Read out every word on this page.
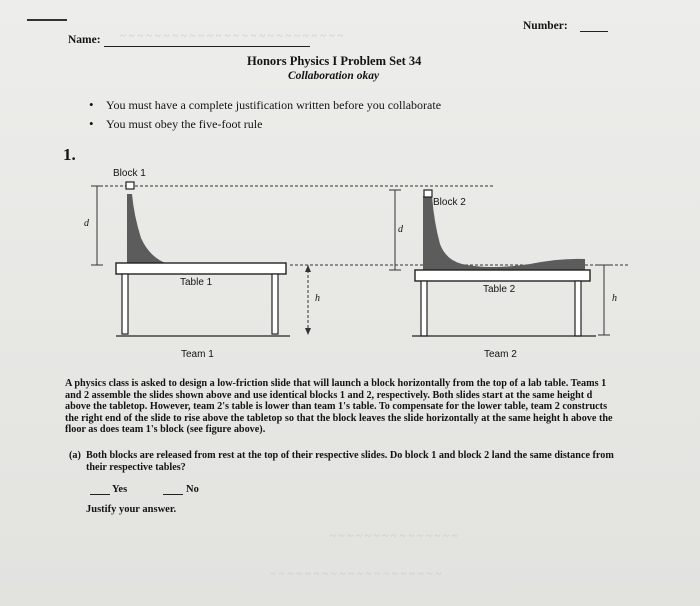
~ ~ ~ ~ ~ ~ ~ ~ ~ ~ ~ ~ ~ ~ ~ ~ ~ ~ ~ ~ ~ ~ ~ ~ ~ ~
~ ~ ~ ~ ~ ~ ~ ~ ~ ~ ~ ~ ~ ~ ~
~ ~ ~ ~ ~ ~ ~ ~ ~ ~ ~ ~ ~ ~ ~ ~ ~ ~ ~ ~
Name:
Number:
Honors Physics I Problem Set 34
Collaboration okay
• You must have a complete justification written before you collaborate
• You must obey the five-foot rule
1.
Block 1
Block 2
d
d
Table 1
Table 2
h	h
Team 1	Team 2
A physics class is asked to design a low-friction slide that will launch a block horizontally from the top of a lab table. Teams 1 and 2 assemble the slides shown above and use identical blocks 1 and 2, respectively. Both slides start at the same height d above the tabletop. However, team 2's table is lower than team 1's table. To compensate for the lower table, team 2 constructs the right end of the slide to rise above the tabletop so that the block leaves the slide horizontally at the same height h above the floor as does team 1's block (see figure above).
(a) Both blocks are released from rest at the top of their respective slides. Do block 1 and block 2 land the same distance from their respective tables?
Yes	No
Justify your answer.
